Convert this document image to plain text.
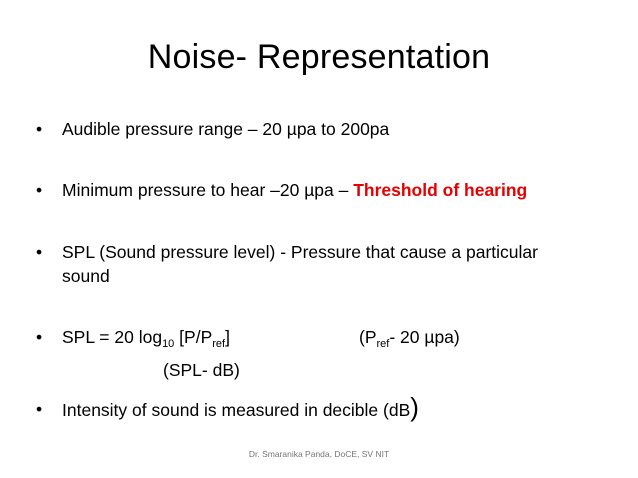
Noise- Representation
•	Audible pressure range – 20 µpa to 200pa
•	Minimum pressure to hear –20 µpa – Threshold of hearing
•	SPL (Sound pressure level) - Pressure that cause a particular
sound
•	SPL = 20 $\log_{10} [P/P_{ref}]$	($P_{ref}-$ 20 µpa)
(SPL- dB)
•	Intensity of sound is measured in decible (dB)
Dr. Smaranika Panda, DoCE, SV NIT
